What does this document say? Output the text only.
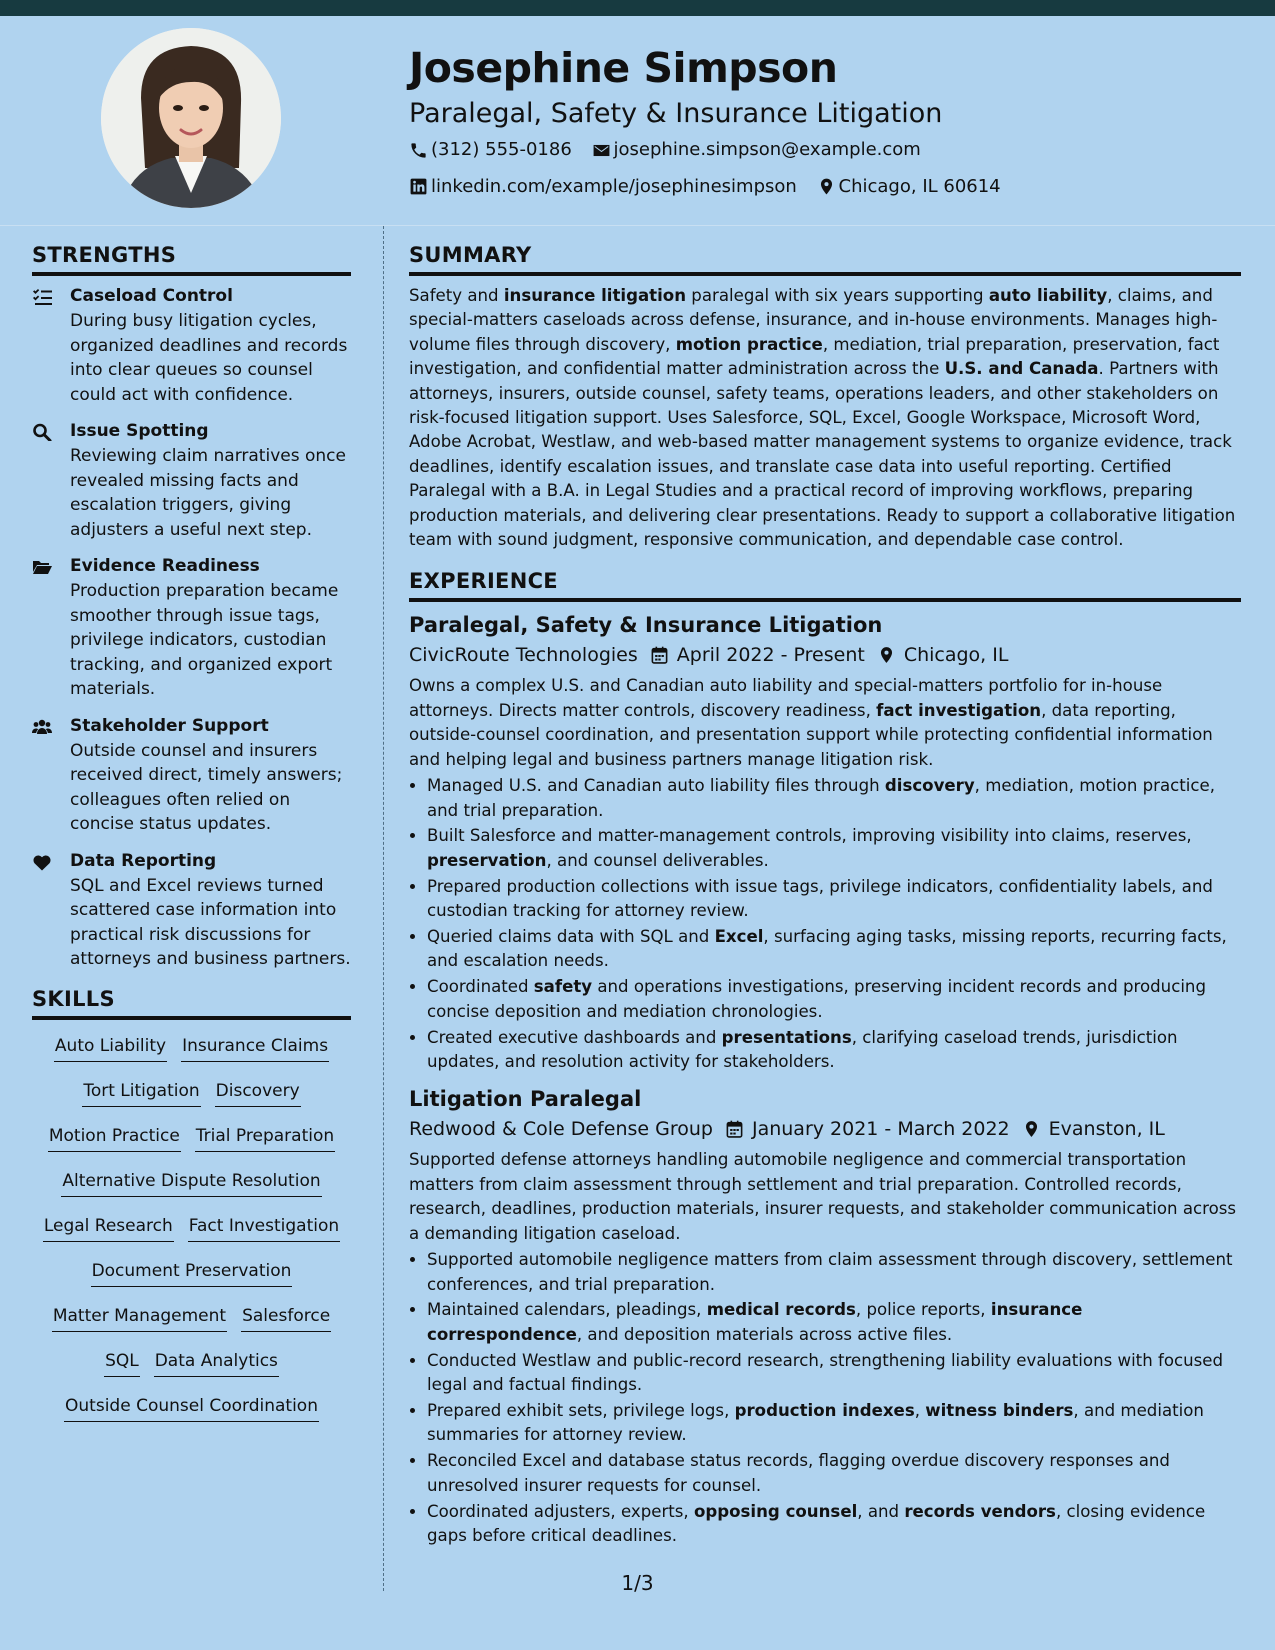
Josephine Simpson
Paralegal, Safety & Insurance Litigation
(312) 555-0186
josephine.simpson@example.com
linkedin.com/example/josephinesimpson
Chicago, IL 60614
STRENGTHS
Caseload Control
During busy litigation cycles, organized deadlines and records into clear queues so counsel could act with confidence.
Issue Spotting
Reviewing claim narratives once revealed missing facts and escalation triggers, giving adjusters a useful next step.
Evidence Readiness
Production preparation became smoother through issue tags, privilege indicators, custodian tracking, and organized export materials.
Stakeholder Support
Outside counsel and insurers received direct, timely answers; colleagues often relied on concise status updates.
Data Reporting
SQL and Excel reviews turned scattered case information into practical risk discussions for attorneys and business partners.
SKILLS
Auto Liability Insurance Claims
Tort Litigation Discovery
Motion Practice Trial Preparation
Alternative Dispute Resolution
Legal Research Fact Investigation
Document Preservation
Matter Management Salesforce
SQL Data Analytics
Outside Counsel Coordination
SUMMARY
Safety and insurance litigation paralegal with six years supporting auto liability, claims, and special-matters caseloads across defense, insurance, and in-house environments. Manages high-volume files through discovery, motion practice, mediation, trial preparation, preservation, fact investigation, and confidential matter administration across the U.S. and Canada. Partners with attorneys, insurers, outside counsel, safety teams, operations leaders, and other stakeholders on risk-focused litigation support. Uses Salesforce, SQL, Excel, Google Workspace, Microsoft Word, Adobe Acrobat, Westlaw, and web-based matter management systems to organize evidence, track deadlines, identify escalation issues, and translate case data into useful reporting. Certified Paralegal with a B.A. in Legal Studies and a practical record of improving workflows, preparing production materials, and delivering clear presentations. Ready to support a collaborative litigation team with sound judgment, responsive communication, and dependable case control.
EXPERIENCE
Paralegal, Safety & Insurance Litigation
CivicRoute Technologies April 2022 - Present Chicago, IL
Owns a complex U.S. and Canadian auto liability and special-matters portfolio for in-house attorneys. Directs matter controls, discovery readiness, fact investigation, data reporting, outside-counsel coordination, and presentation support while protecting confidential information and helping legal and business partners manage litigation risk.
• Managed U.S. and Canadian auto liability files through discovery, mediation, motion practice, and trial preparation.
• Built Salesforce and matter-management controls, improving visibility into claims, reserves, preservation, and counsel deliverables.
• Prepared production collections with issue tags, privilege indicators, confidentiality labels, and custodian tracking for attorney review.
• Queried claims data with SQL and Excel, surfacing aging tasks, missing reports, recurring facts, and escalation needs.
• Coordinated safety and operations investigations, preserving incident records and producing concise deposition and mediation chronologies.
• Created executive dashboards and presentations, clarifying caseload trends, jurisdiction updates, and resolution activity for stakeholders.
Litigation Paralegal
Redwood & Cole Defense Group January 2021 - March 2022 Evanston, IL
Supported defense attorneys handling automobile negligence and commercial transportation matters from claim assessment through settlement and trial preparation. Controlled records, research, deadlines, production materials, insurer requests, and stakeholder communication across a demanding litigation caseload.
• Supported automobile negligence matters from claim assessment through discovery, settlement conferences, and trial preparation.
• Maintained calendars, pleadings, medical records, police reports, insurance correspondence, and deposition materials across active files.
• Conducted Westlaw and public-record research, strengthening liability evaluations with focused legal and factual findings.
• Prepared exhibit sets, privilege logs, production indexes, witness binders, and mediation summaries for attorney review.
• Reconciled Excel and database status records, flagging overdue discovery responses and unresolved insurer requests for counsel.
• Coordinated adjusters, experts, opposing counsel, and records vendors, closing evidence gaps before critical deadlines.
1/3
